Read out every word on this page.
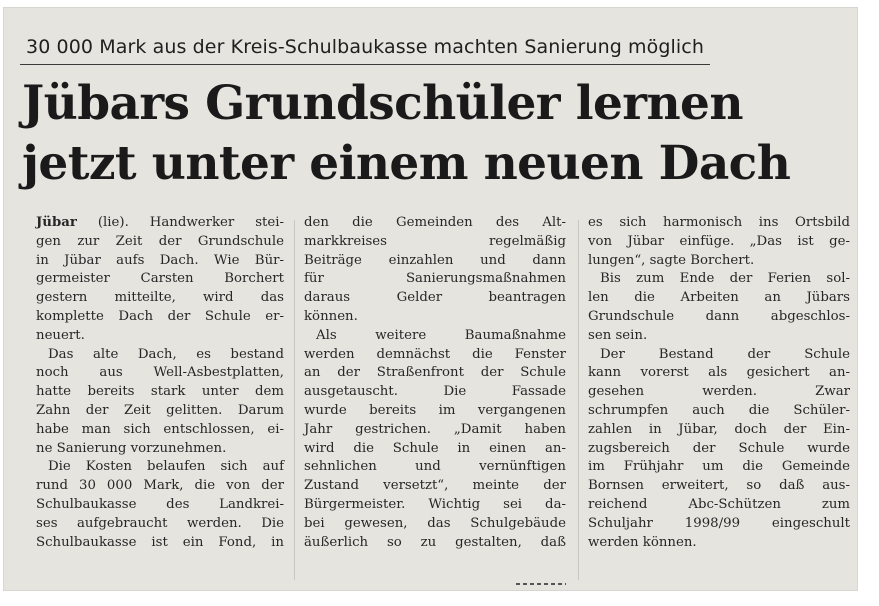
30 000 Mark aus der Kreis-Schulbaukasse machten Sanierung möglich
Jübars Grundschüler lernen
jetzt unter einem neuen Dach
Jübar (lie). Handwerker stei-
gen zur Zeit der Grundschule
in Jübar aufs Dach. Wie Bür-
germeister Carsten Borchert
gestern mitteilte, wird das
komplette Dach der Schule er-
neuert.
Das alte Dach, es bestand
noch aus Well-Asbestplatten,
hatte bereits stark unter dem
Zahn der Zeit gelitten. Darum
habe man sich entschlossen, ei-
ne Sanierung vorzunehmen.
Die Kosten belaufen sich auf
rund 30 000 Mark, die von der
Schulbaukasse des Landkrei-
ses aufgebraucht werden. Die
Schulbaukasse ist ein Fond, in
den die Gemeinden des Alt-
markkreises regelmäßig
Beiträge einzahlen und dann
für Sanierungsmaßnahmen
daraus Gelder beantragen
können.
Als weitere Baumaßnahme
werden demnächst die Fenster
an der Straßenfront der Schule
ausgetauscht. Die Fassade
wurde bereits im vergangenen
Jahr gestrichen. „Damit haben
wird die Schule in einen an-
sehnlichen und vernünftigen
Zustand versetzt“, meinte der
Bürgermeister. Wichtig sei da-
bei gewesen, das Schulgebäude
äußerlich so zu gestalten, daß
es sich harmonisch ins Ortsbild
von Jübar einfüge. „Das ist ge-
lungen“, sagte Borchert.
Bis zum Ende der Ferien sol-
len die Arbeiten an Jübars
Grundschule dann abgeschlos-
sen sein.
Der Bestand der Schule
kann vorerst als gesichert an-
gesehen werden. Zwar
schrumpfen auch die Schüler-
zahlen in Jübar, doch der Ein-
zugsbereich der Schule wurde
im Frühjahr um die Gemeinde
Bornsen erweitert, so daß aus-
reichend Abc-Schützen zum
Schuljahr 1998/99 eingeschult
werden können.
